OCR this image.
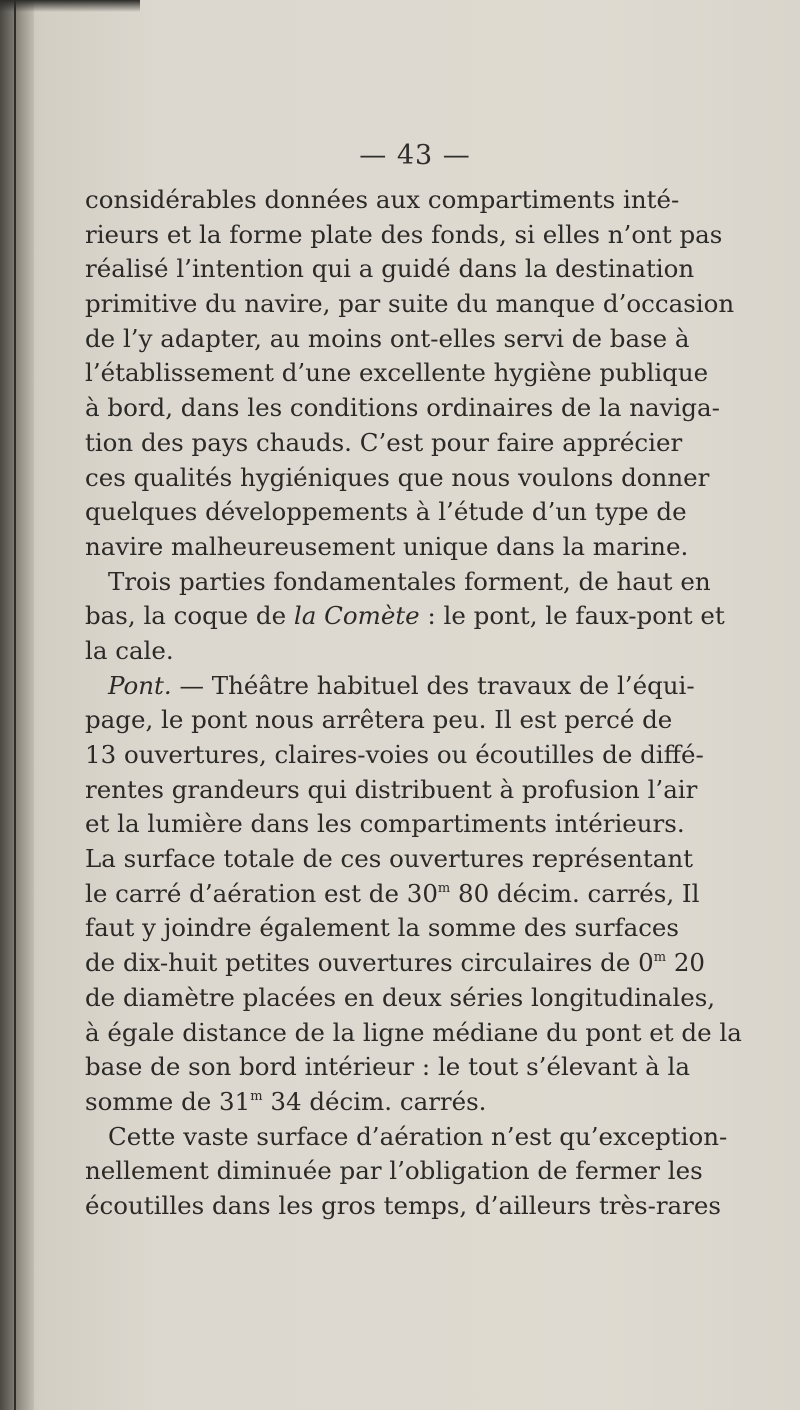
— 43 —

considérables données aux compartiments inté-

rieurs et la forme plate des fonds, si elles n’ont pas

réalisé l’intention qui a guidé dans la destination

primitive du navire, par suite du manque d’occasion

de l’y adapter, au moins ont-elles servi de base à

l’établissement d’une excellente hygiène publique

à bord, dans les conditions ordinaires de la naviga-

tion des pays chauds. C’est pour faire apprécier

ces qualités hygiéniques que nous voulons donner

quelques développements à l’étude d’un type de

navire malheureusement unique dans la marine.

Trois parties fondamentales forment, de haut en

bas, la coque de la Comète : le pont, le faux-pont et

la cale.

Pont. — Théâtre habituel des travaux de l’équi-

page, le pont nous arrêtera peu. Il est percé de

13 ouvertures, claires-voies ou écoutilles de diffé-

rentes grandeurs qui distribuent à profusion l’air

et la lumière dans les compartiments intérieurs.

La surface totale de ces ouvertures représentant

le carré d’aération est de 30$^m$ 80 décim. carrés, Il

faut y joindre également la somme des surfaces

de dix-huit petites ouvertures circulaires de 0$^m$ 20

de diamètre placées en deux séries longitudinales,

à égale distance de la ligne médiane du pont et de la

base de son bord intérieur : le tout s’élevant à la

somme de 31$^m$ 34 décim. carrés.

Cette vaste surface d’aération n’est qu’exception-

nellement diminuée par l’obligation de fermer les

écoutilles dans les gros temps, d’ailleurs très-rares
